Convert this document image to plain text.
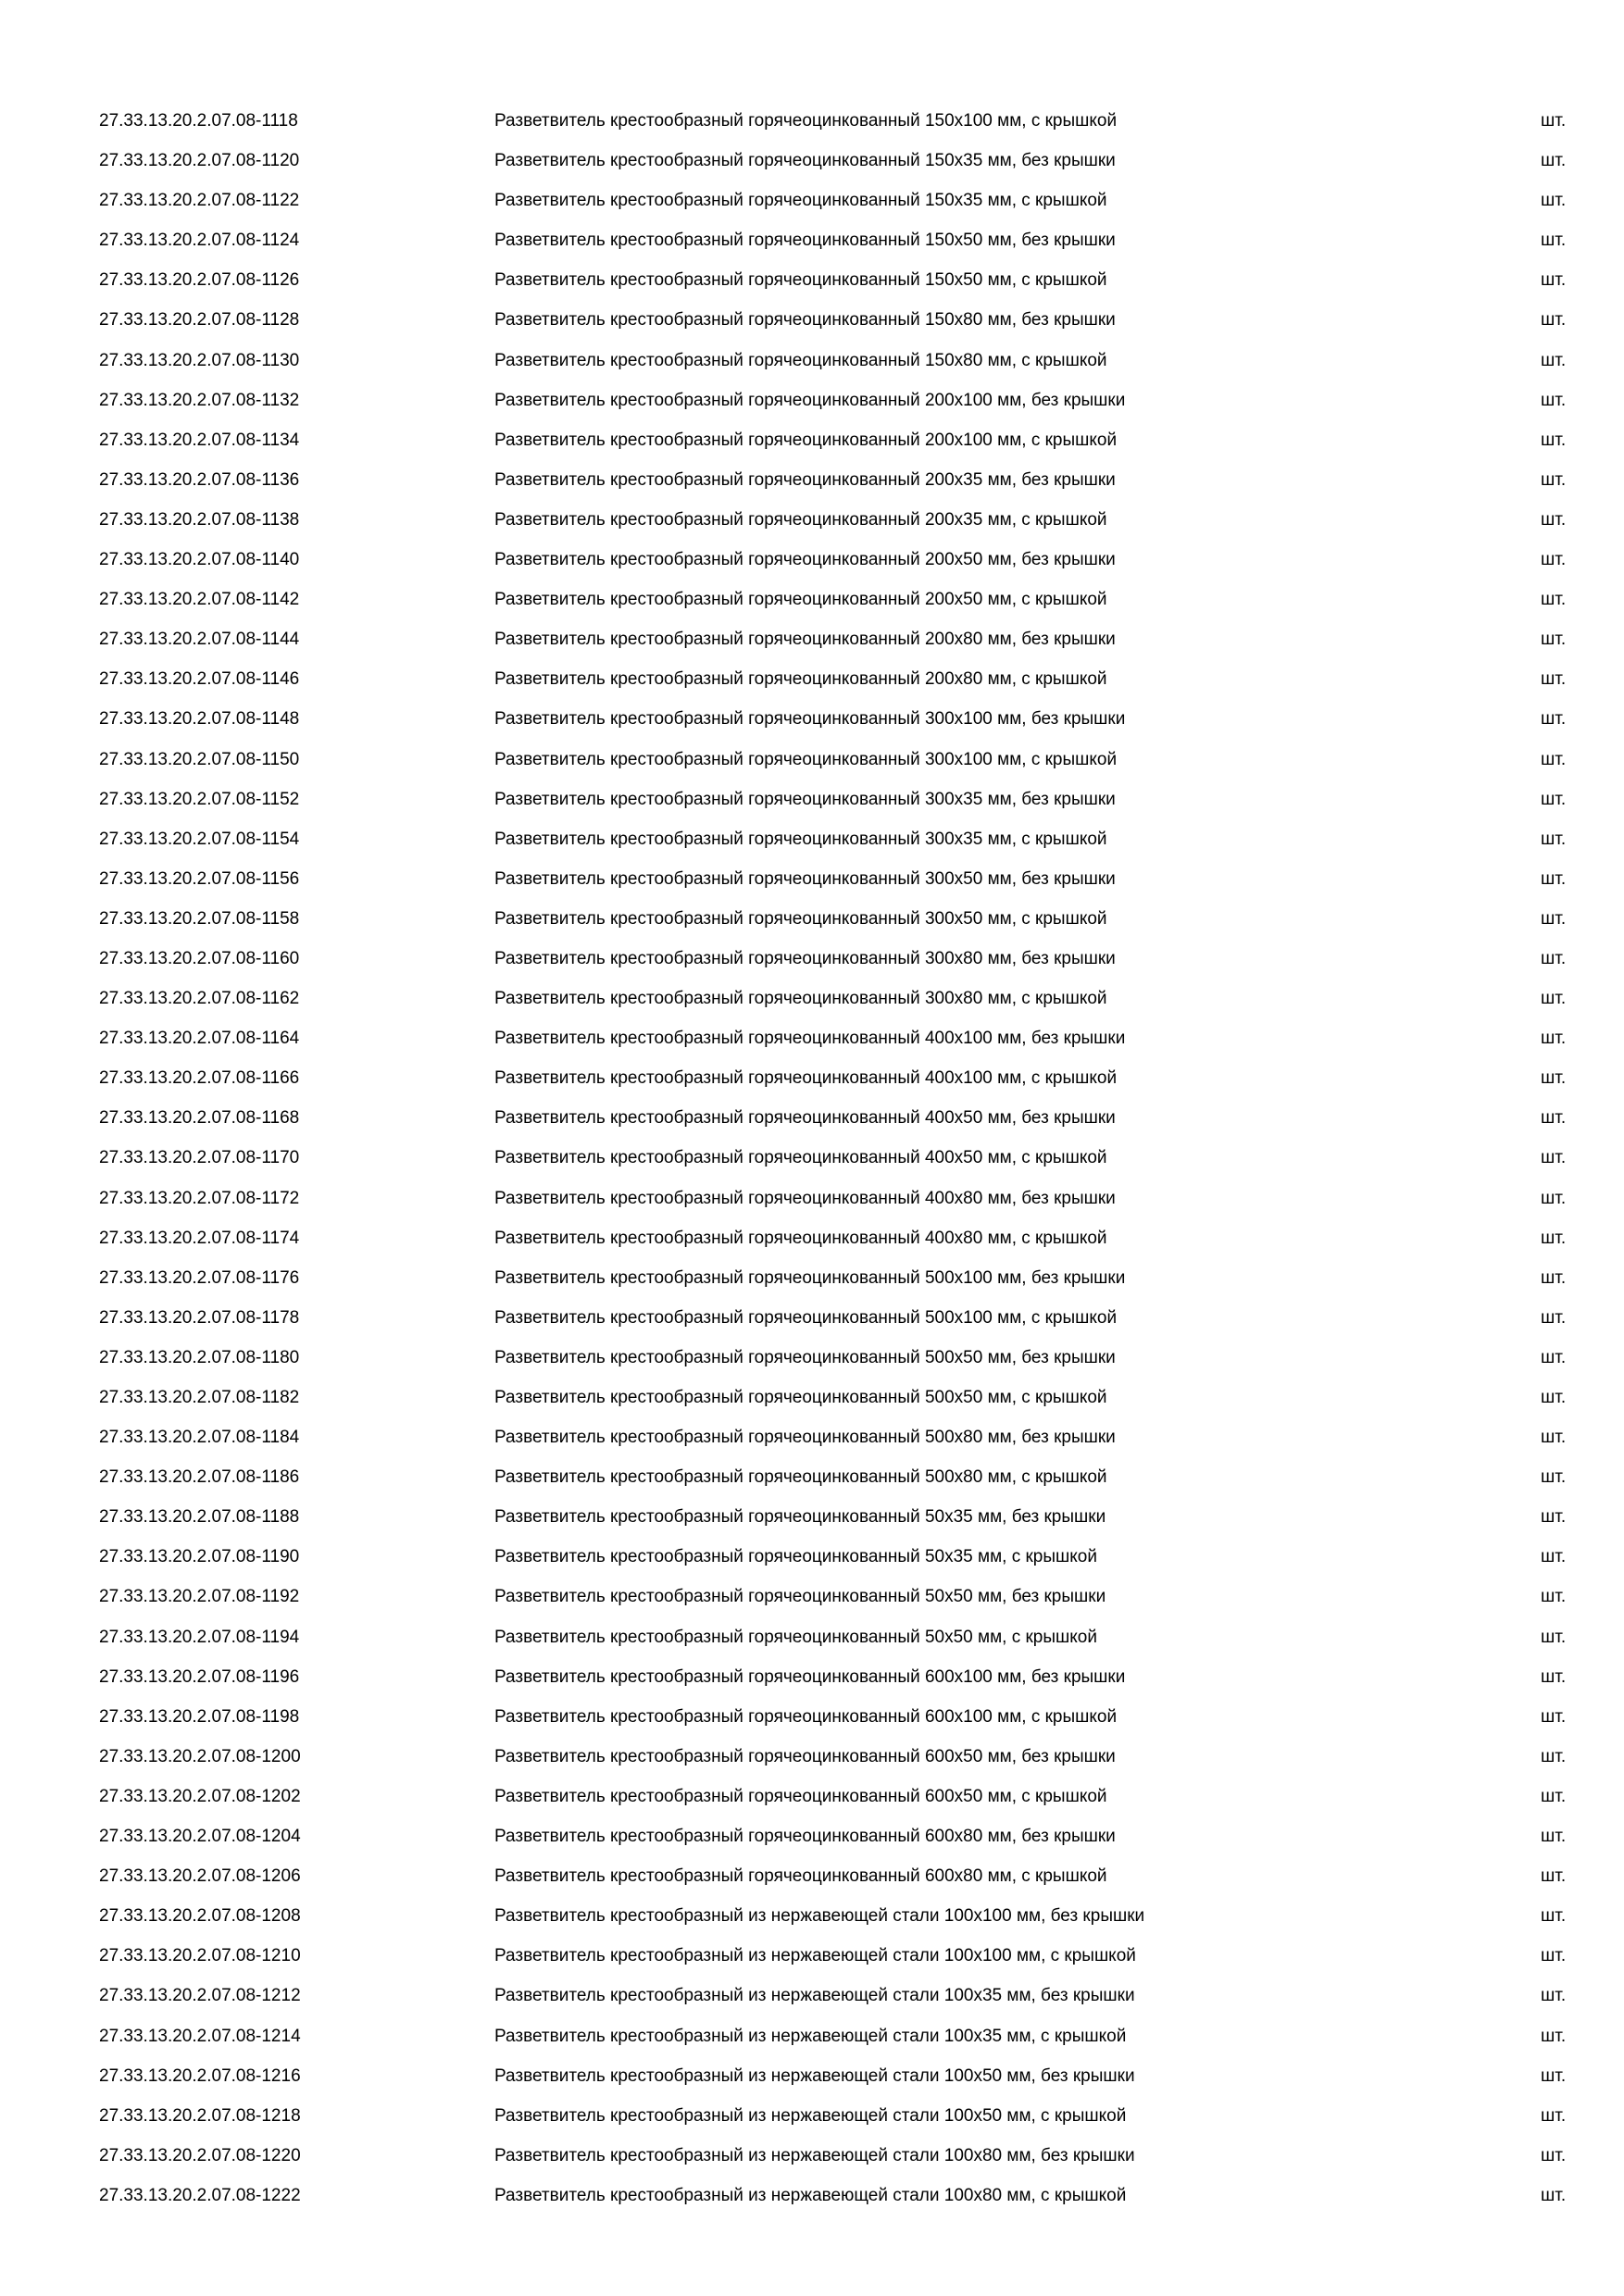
27.33.13.20.2.07.08-1118	Разветвитель крестообразный горячеоцинкованный 150x100 мм, с крышкой	шт.
27.33.13.20.2.07.08-1120	Разветвитель крестообразный горячеоцинкованный 150x35 мм, без крышки	шт.
27.33.13.20.2.07.08-1122	Разветвитель крестообразный горячеоцинкованный 150x35 мм, с крышкой	шт.
27.33.13.20.2.07.08-1124	Разветвитель крестообразный горячеоцинкованный 150x50 мм, без крышки	шт.
27.33.13.20.2.07.08-1126	Разветвитель крестообразный горячеоцинкованный 150x50 мм, с крышкой	шт.
27.33.13.20.2.07.08-1128	Разветвитель крестообразный горячеоцинкованный 150x80 мм, без крышки	шт.
27.33.13.20.2.07.08-1130	Разветвитель крестообразный горячеоцинкованный 150x80 мм, с крышкой	шт.
27.33.13.20.2.07.08-1132	Разветвитель крестообразный горячеоцинкованный 200x100 мм, без крышки	шт.
27.33.13.20.2.07.08-1134	Разветвитель крестообразный горячеоцинкованный 200x100 мм, с крышкой	шт.
27.33.13.20.2.07.08-1136	Разветвитель крестообразный горячеоцинкованный 200x35 мм, без крышки	шт.
27.33.13.20.2.07.08-1138	Разветвитель крестообразный горячеоцинкованный 200x35 мм, с крышкой	шт.
27.33.13.20.2.07.08-1140	Разветвитель крестообразный горячеоцинкованный 200x50 мм, без крышки	шт.
27.33.13.20.2.07.08-1142	Разветвитель крестообразный горячеоцинкованный 200x50 мм, с крышкой	шт.
27.33.13.20.2.07.08-1144	Разветвитель крестообразный горячеоцинкованный 200x80 мм, без крышки	шт.
27.33.13.20.2.07.08-1146	Разветвитель крестообразный горячеоцинкованный 200x80 мм, с крышкой	шт.
27.33.13.20.2.07.08-1148	Разветвитель крестообразный горячеоцинкованный 300x100 мм, без крышки	шт.
27.33.13.20.2.07.08-1150	Разветвитель крестообразный горячеоцинкованный 300x100 мм, с крышкой	шт.
27.33.13.20.2.07.08-1152	Разветвитель крестообразный горячеоцинкованный 300x35 мм, без крышки	шт.
27.33.13.20.2.07.08-1154	Разветвитель крестообразный горячеоцинкованный 300x35 мм, с крышкой	шт.
27.33.13.20.2.07.08-1156	Разветвитель крестообразный горячеоцинкованный 300x50 мм, без крышки	шт.
27.33.13.20.2.07.08-1158	Разветвитель крестообразный горячеоцинкованный 300x50 мм, с крышкой	шт.
27.33.13.20.2.07.08-1160	Разветвитель крестообразный горячеоцинкованный 300x80 мм, без крышки	шт.
27.33.13.20.2.07.08-1162	Разветвитель крестообразный горячеоцинкованный 300x80 мм, с крышкой	шт.
27.33.13.20.2.07.08-1164	Разветвитель крестообразный горячеоцинкованный 400x100 мм, без крышки	шт.
27.33.13.20.2.07.08-1166	Разветвитель крестообразный горячеоцинкованный 400x100 мм, с крышкой	шт.
27.33.13.20.2.07.08-1168	Разветвитель крестообразный горячеоцинкованный 400x50 мм, без крышки	шт.
27.33.13.20.2.07.08-1170	Разветвитель крестообразный горячеоцинкованный 400x50 мм, с крышкой	шт.
27.33.13.20.2.07.08-1172	Разветвитель крестообразный горячеоцинкованный 400x80 мм, без крышки	шт.
27.33.13.20.2.07.08-1174	Разветвитель крестообразный горячеоцинкованный 400x80 мм, с крышкой	шт.
27.33.13.20.2.07.08-1176	Разветвитель крестообразный горячеоцинкованный 500x100 мм, без крышки	шт.
27.33.13.20.2.07.08-1178	Разветвитель крестообразный горячеоцинкованный 500x100 мм, с крышкой	шт.
27.33.13.20.2.07.08-1180	Разветвитель крестообразный горячеоцинкованный 500x50 мм, без крышки	шт.
27.33.13.20.2.07.08-1182	Разветвитель крестообразный горячеоцинкованный 500x50 мм, с крышкой	шт.
27.33.13.20.2.07.08-1184	Разветвитель крестообразный горячеоцинкованный 500x80 мм, без крышки	шт.
27.33.13.20.2.07.08-1186	Разветвитель крестообразный горячеоцинкованный 500x80 мм, с крышкой	шт.
27.33.13.20.2.07.08-1188	Разветвитель крестообразный горячеоцинкованный 50x35 мм, без крышки	шт.
27.33.13.20.2.07.08-1190	Разветвитель крестообразный горячеоцинкованный 50x35 мм, с крышкой	шт.
27.33.13.20.2.07.08-1192	Разветвитель крестообразный горячеоцинкованный 50x50 мм, без крышки	шт.
27.33.13.20.2.07.08-1194	Разветвитель крестообразный горячеоцинкованный 50x50 мм, с крышкой	шт.
27.33.13.20.2.07.08-1196	Разветвитель крестообразный горячеоцинкованный 600x100 мм, без крышки	шт.
27.33.13.20.2.07.08-1198	Разветвитель крестообразный горячеоцинкованный 600x100 мм, с крышкой	шт.
27.33.13.20.2.07.08-1200	Разветвитель крестообразный горячеоцинкованный 600x50 мм, без крышки	шт.
27.33.13.20.2.07.08-1202	Разветвитель крестообразный горячеоцинкованный 600x50 мм, с крышкой	шт.
27.33.13.20.2.07.08-1204	Разветвитель крестообразный горячеоцинкованный 600x80 мм, без крышки	шт.
27.33.13.20.2.07.08-1206	Разветвитель крестообразный горячеоцинкованный 600x80 мм, с крышкой	шт.
27.33.13.20.2.07.08-1208	Разветвитель крестообразный из нержавеющей стали 100x100 мм, без крышки	шт.
27.33.13.20.2.07.08-1210	Разветвитель крестообразный из нержавеющей стали 100x100 мм, с крышкой	шт.
27.33.13.20.2.07.08-1212	Разветвитель крестообразный из нержавеющей стали 100x35 мм, без крышки	шт.
27.33.13.20.2.07.08-1214	Разветвитель крестообразный из нержавеющей стали 100x35 мм, с крышкой	шт.
27.33.13.20.2.07.08-1216	Разветвитель крестообразный из нержавеющей стали 100x50 мм, без крышки	шт.
27.33.13.20.2.07.08-1218	Разветвитель крестообразный из нержавеющей стали 100x50 мм, с крышкой	шт.
27.33.13.20.2.07.08-1220	Разветвитель крестообразный из нержавеющей стали 100x80 мм, без крышки	шт.
27.33.13.20.2.07.08-1222	Разветвитель крестообразный из нержавеющей стали 100x80 мм, с крышкой	шт.
